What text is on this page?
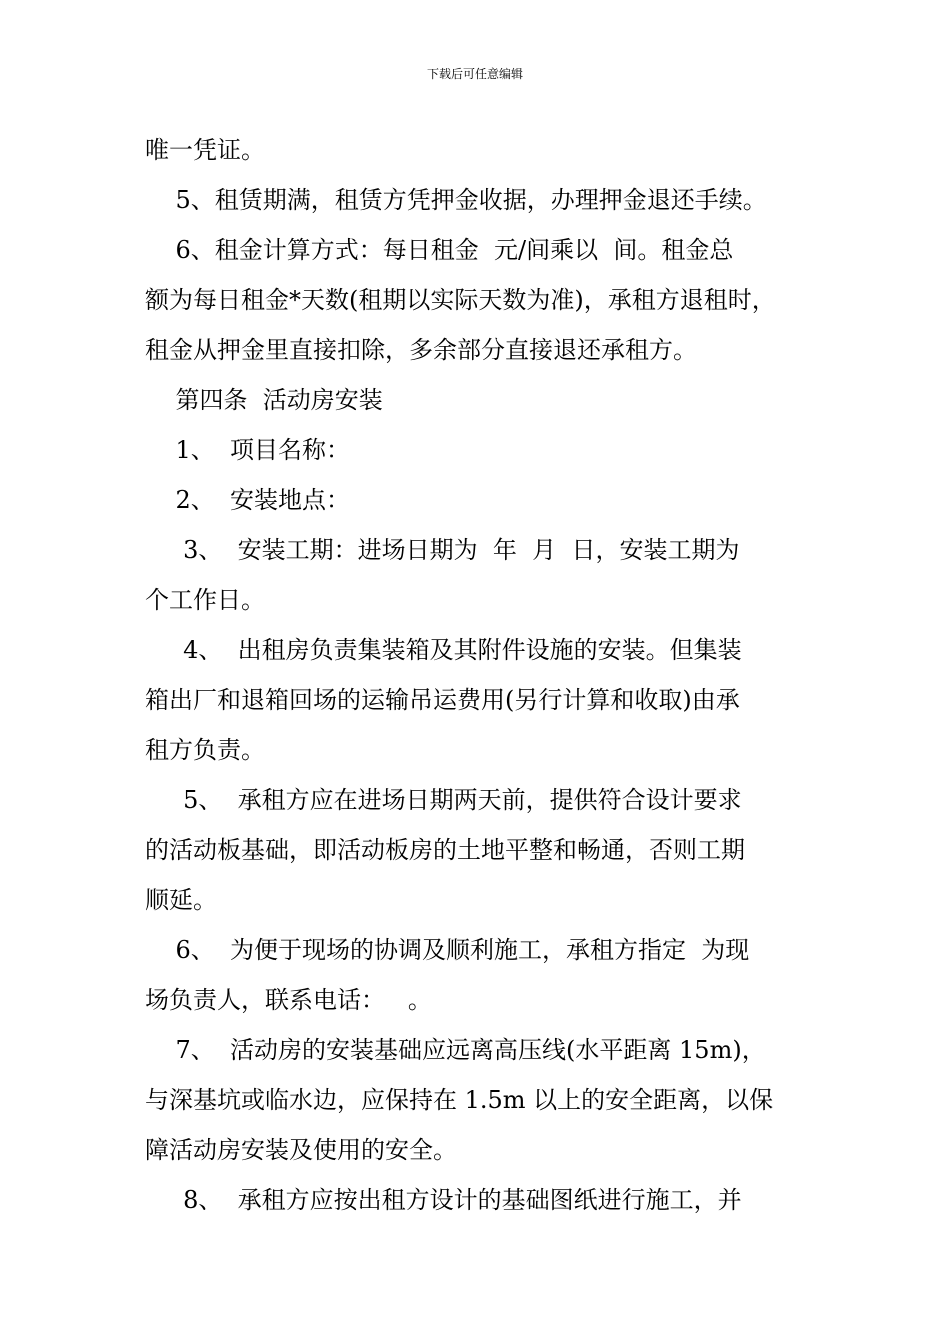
下载后可任意编辑
唯一凭证。
5、租赁期满，租赁方凭押金收据，办理押金退还手续。
6、租金计算方式：每日租金  元/间乘以  间。租金总
额为每日租金*天数(租期以实际天数为准)，承租方退租时，
租金从押金里直接扣除，多余部分直接退还承租方。
第四条  活动房安装
1、  项目名称：
2、  安装地点：
3、  安装工期：进场日期为  年  月  日，安装工期为
个工作日。
4、  出租房负责集装箱及其附件设施的安装。但集装
箱出厂和退箱回场的运输吊运费用(另行计算和收取)由承
租方负责。
5、  承租方应在进场日期两天前，提供符合设计要求
的活动板基础，即活动板房的土地平整和畅通，否则工期
顺延。
6、  为便于现场的协调及顺利施工，承租方指定  为现
场负责人，联系电话：   。
7、  活动房的安装基础应远离高压线(水平距离 15m)，
与深基坑或临水边，应保持在 1.5m 以上的安全距离，以保
障活动房安装及使用的安全。
8、  承租方应按出租方设计的基础图纸进行施工，并
